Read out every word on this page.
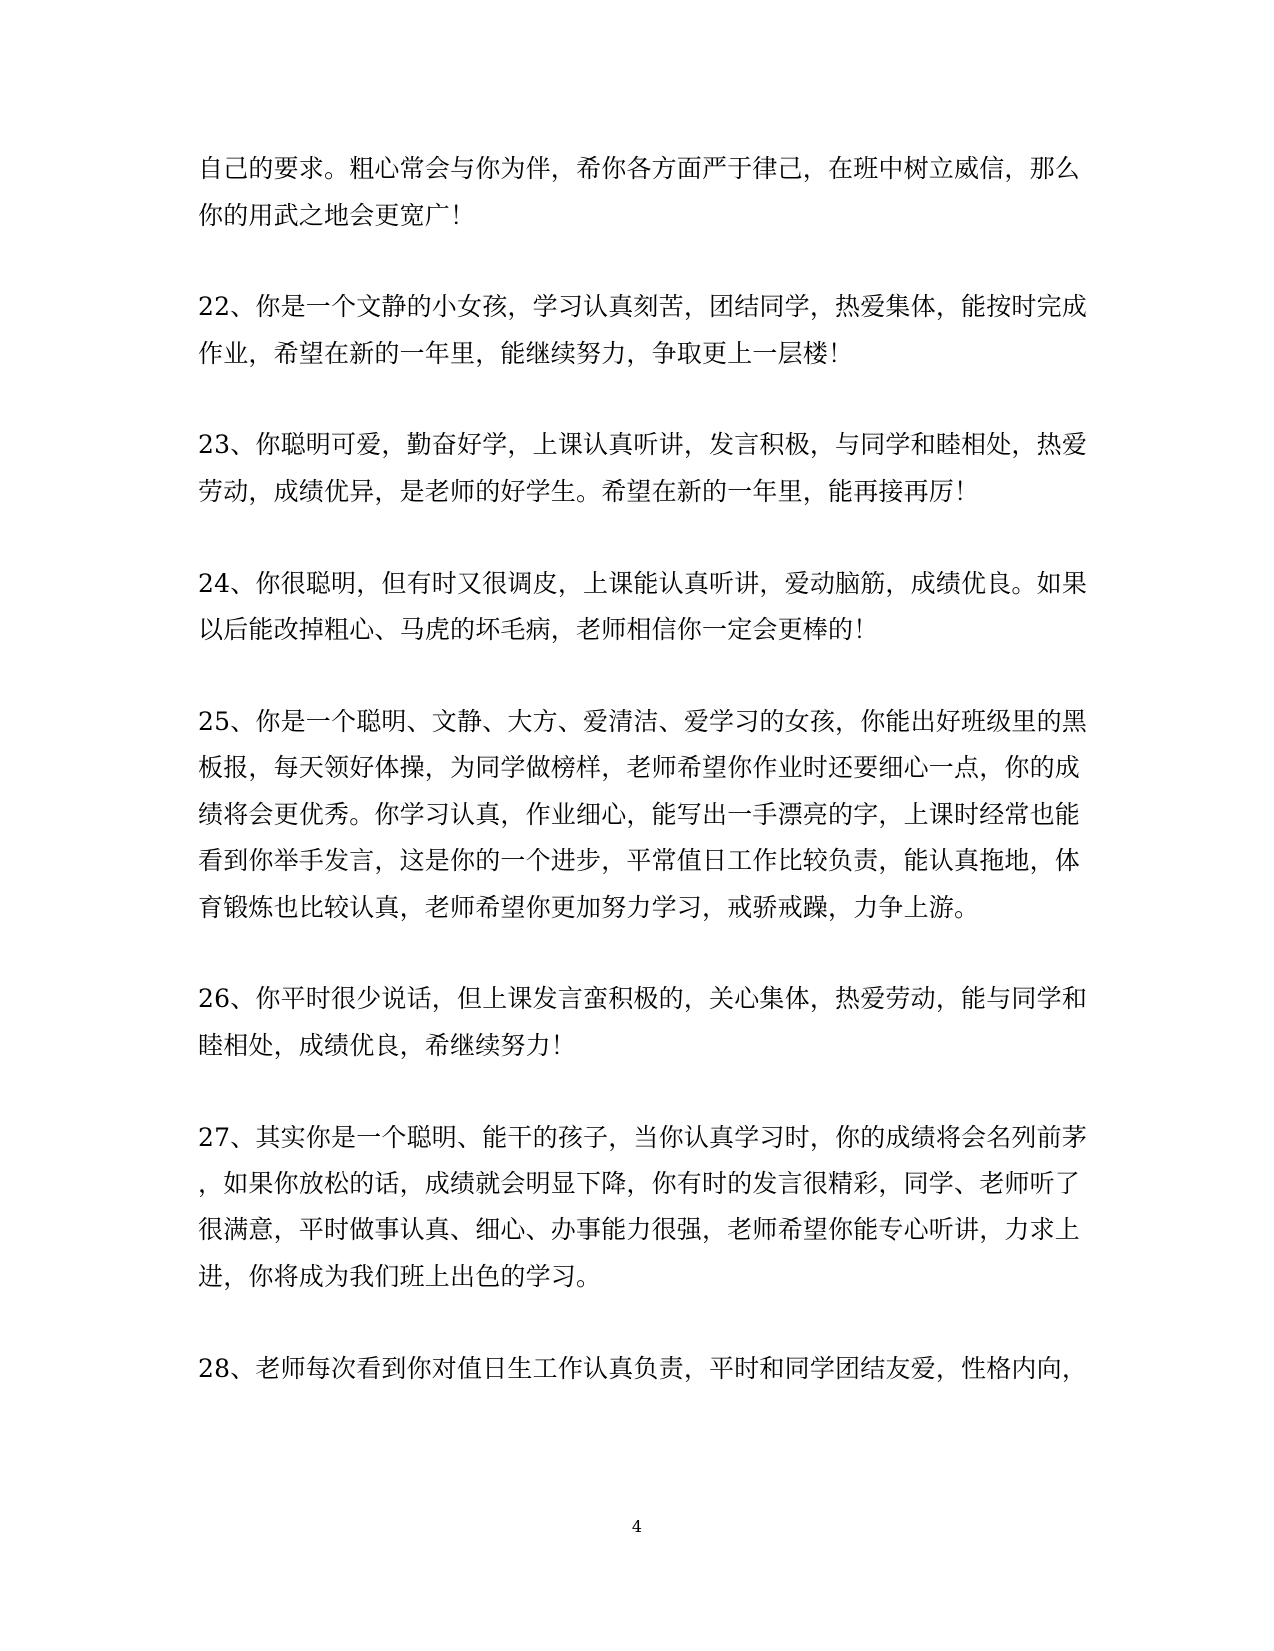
自己的要求。粗心常会与你为伴，希你各方面严于律己，在班中树立威信，那么
你的用武之地会更宽广！
22、你是一个文静的小女孩，学习认真刻苦，团结同学，热爱集体，能按时完成
作业，希望在新的一年里，能继续努力，争取更上一层楼！
23、你聪明可爱，勤奋好学，上课认真听讲，发言积极，与同学和睦相处，热爱
劳动，成绩优异，是老师的好学生。希望在新的一年里，能再接再厉！
24、你很聪明，但有时又很调皮，上课能认真听讲，爱动脑筋，成绩优良。如果
以后能改掉粗心、马虎的坏毛病，老师相信你一定会更棒的！
25、你是一个聪明、文静、大方、爱清洁、爱学习的女孩，你能出好班级里的黑
板报，每天领好体操，为同学做榜样，老师希望你作业时还要细心一点，你的成
绩将会更优秀。你学习认真，作业细心，能写出一手漂亮的字，上课时经常也能
看到你举手发言，这是你的一个进步，平常值日工作比较负责，能认真拖地，体
育锻炼也比较认真，老师希望你更加努力学习，戒骄戒躁，力争上游。
26、你平时很少说话，但上课发言蛮积极的，关心集体，热爱劳动，能与同学和
睦相处，成绩优良，希继续努力！
27、其实你是一个聪明、能干的孩子，当你认真学习时，你的成绩将会名列前茅
，如果你放松的话，成绩就会明显下降，你有时的发言很精彩，同学、老师听了
很满意，平时做事认真、细心、办事能力很强，老师希望你能专心听讲，力求上
进，你将成为我们班上出色的学习。
28、老师每次看到你对值日生工作认真负责，平时和同学团结友爱，性格内向，
4
